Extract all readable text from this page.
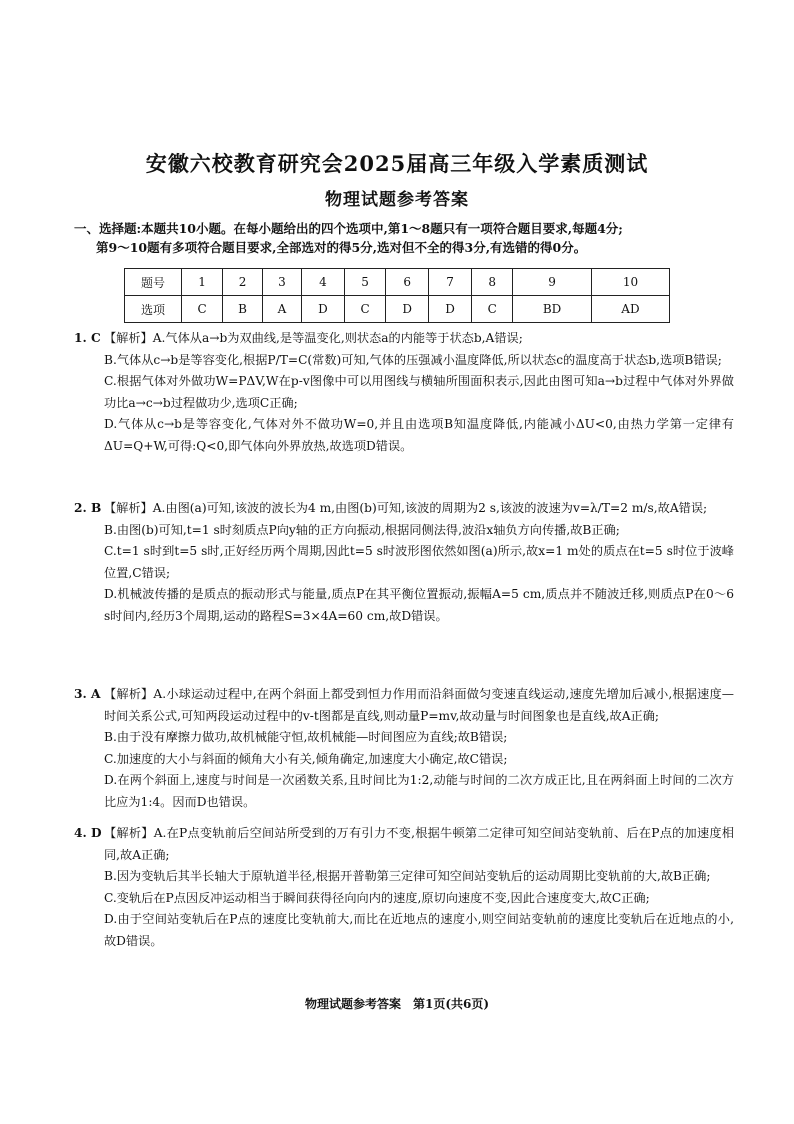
安徽六校教育研究会2025届高三年级入学素质测试
物理试题参考答案
一、选择题:本题共10小题。在每小题给出的四个选项中,第1～8题只有一项符合题目要求,每题4分;
第9～10题有多项符合题目要求,全部选对的得5分,选对但不全的得3分,有选错的得0分。
题号	1	2	3	4	5	6	7	8	9	10
选项	C	B	A	D	C	D	D	C	BD	AD
1. C 【解析】A.气体从a→b为双曲线,是等温变化,则状态a的内能等于状态b,A错误;

B.气体从c→b是等容变化,根据P/T=C(常数)可知,气体的压强减小温度降低,所以状态c的温度高于状态b,选项B错误;

C.根据气体对外做功W=PΔV,W在p-v图像中可以用图线与横轴所围面积表示,因此由图可知a→b过程中气体对外界做功比a→c→b过程做功少,选项C正确;

D.气体从c→b是等容变化,气体对外不做功W=0,并且由选项B知温度降低,内能减小ΔU<0,由热力学第一定律有ΔU=Q+W,可得:Q<0,即气体向外界放热,故选项D错误。

2. B 【解析】A.由图(a)可知,该波的波长为4 m,由图(b)可知,该波的周期为2 s,该波的波速为v=λ/T=2 m/s,故A错误;

B.由图(b)可知,t=1 s时刻质点P向y轴的正方向振动,根据同侧法得,波沿x轴负方向传播,故B正确;

C.t=1 s时到t=5 s时,正好经历两个周期,因此t=5 s时波形图依然如图(a)所示,故x=1 m处的质点在t=5 s时位于波峰位置,C错误;

D.机械波传播的是质点的振动形式与能量,质点P在其平衡位置振动,振幅A=5 cm,质点并不随波迁移,则质点P在0～6 s时间内,经历3个周期,运动的路程S=3×4A=60 cm,故D错误。

3. A 【解析】A.小球运动过程中,在两个斜面上都受到恒力作用而沿斜面做匀变速直线运动,速度先增加后减小,根据速度—时间关系公式,可知两段运动过程中的v-t图都是直线,则动量P=mv,故动量与时间图象也是直线,故A正确;

B.由于没有摩擦力做功,故机械能守恒,故机械能—时间图应为直线;故B错误;

C.加速度的大小与斜面的倾角大小有关,倾角确定,加速度大小确定,故C错误;

D.在两个斜面上,速度与时间是一次函数关系,且时间比为1:2,动能与时间的二次方成正比,且在两斜面上时间的二次方比应为1:4。因而D也错误。

4. D 【解析】A.在P点变轨前后空间站所受到的万有引力不变,根据牛顿第二定律可知空间站变轨前、后在P点的加速度相同,故A正确;

B.因为变轨后其半长轴大于原轨道半径,根据开普勒第三定律可知空间站变轨后的运动周期比变轨前的大,故B正确;

C.变轨后在P点因反冲运动相当于瞬间获得径向向内的速度,原切向速度不变,因此合速度变大,故C正确;

D.由于空间站变轨后在P点的速度比变轨前大,而比在近地点的速度小,则空间站变轨前的速度比变轨后在近地点的小,故D错误。

物理试题参考答案　第1页(共6页)
